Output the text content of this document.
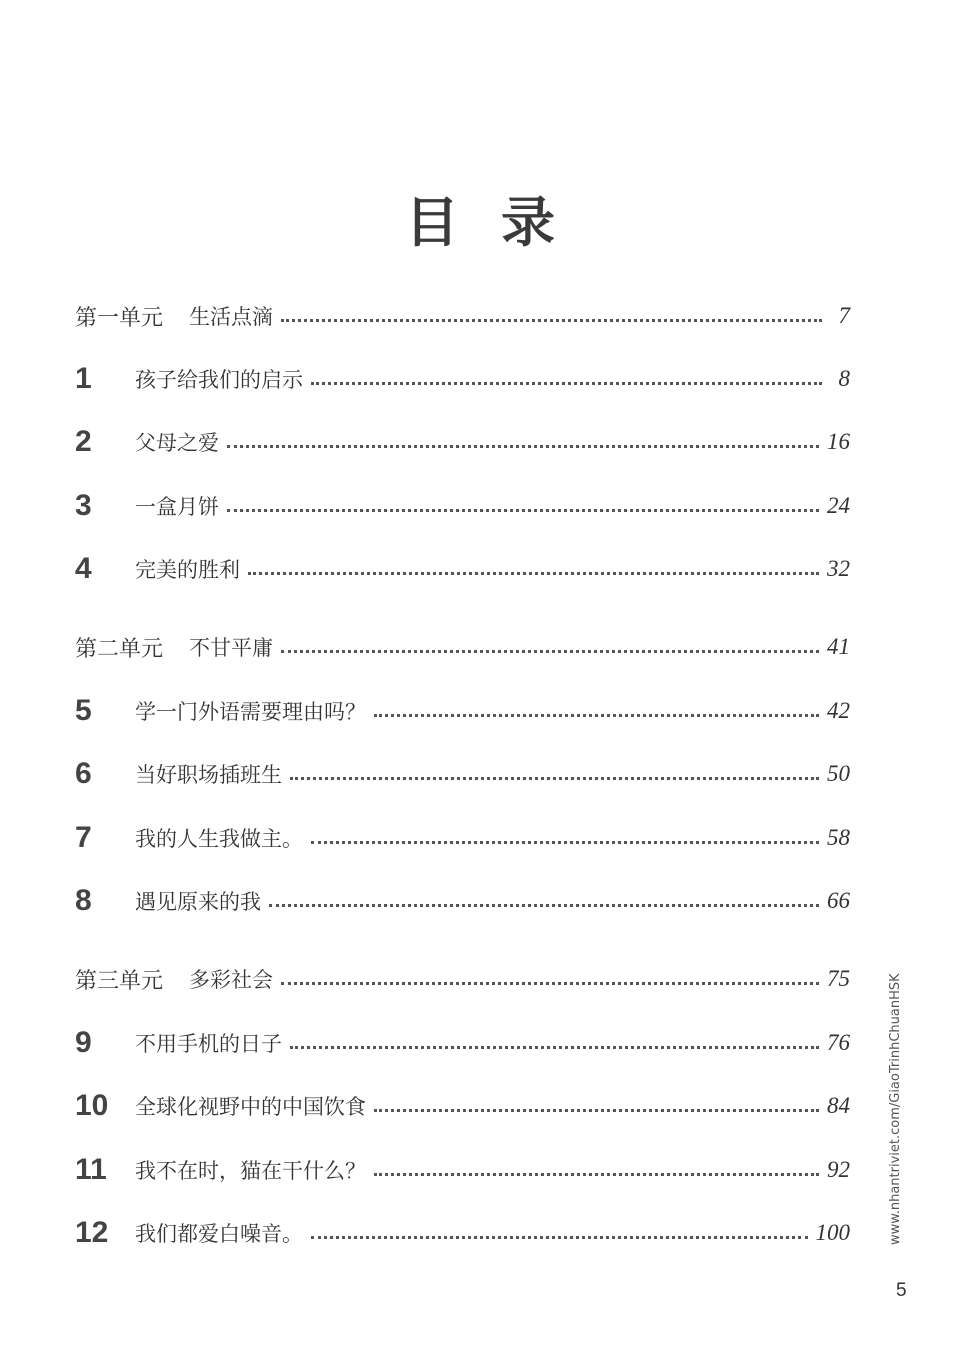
目录
第一单元 生活点滴	7
1	孩子给我们的启示	8
2	父母之爱	16
3	一盒月饼	24
4	完美的胜利	32
第二单元 不甘平庸	41
5	学一门外语需要理由吗？	42
6	当好职场插班生	50
7	我的人生我做主。	58
8	遇见原来的我	66
第三单元 多彩社会	75
9	不用手机的日子	76
10	全球化视野中的中国饮食	84
11	我不在时，猫在干什么？	92
12	我们都爱白噪音。	100	www.nhantriviet.com/GiaoTrinhChuanHSK
5
